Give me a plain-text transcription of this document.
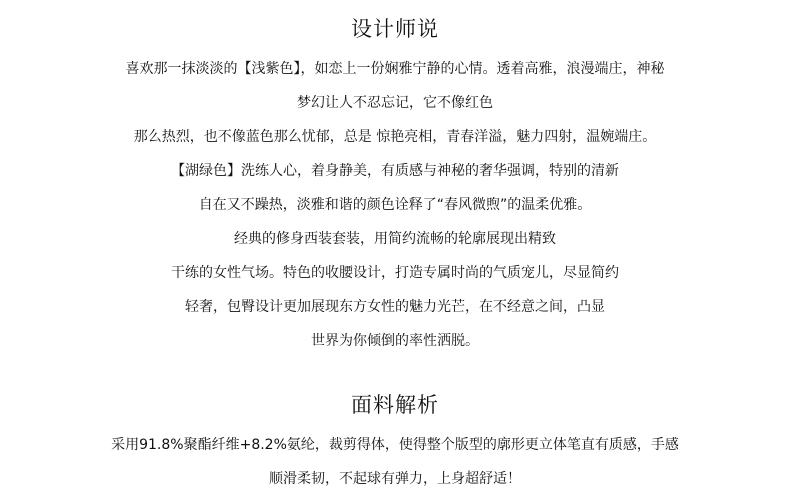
设计师说
喜欢那一抹淡淡的【浅紫色】，如恋上一份娴雅宁静的心情。透着高雅，浪漫端庄，神秘
梦幻让人不忍忘记，它不像红色
那么热烈，也不像蓝色那么忧郁，总是 惊艳亮相，青春洋溢，魅力四射，温婉端庄。
【湖绿色】洗练人心，着身静美，有质感与神秘的奢华强调，特别的清新
自在又不躁热，淡雅和谐的颜色诠释了“春风微煦”的温柔优雅。
经典的修身西装套装，用简约流畅的轮廓展现出精致
干练的女性气场。特色的收腰设计，打造专属时尚的气质宠儿，尽显简约
轻奢，包臀设计更加展现东方女性的魅力光芒，在不经意之间，凸显
世界为你倾倒的率性洒脱。
面料解析
采用91.8%聚酯纤维+8.2%氨纶，裁剪得体，使得整个版型的廓形更立体笔直有质感，手感
顺滑柔韧，不起球有弹力，上身超舒适！
